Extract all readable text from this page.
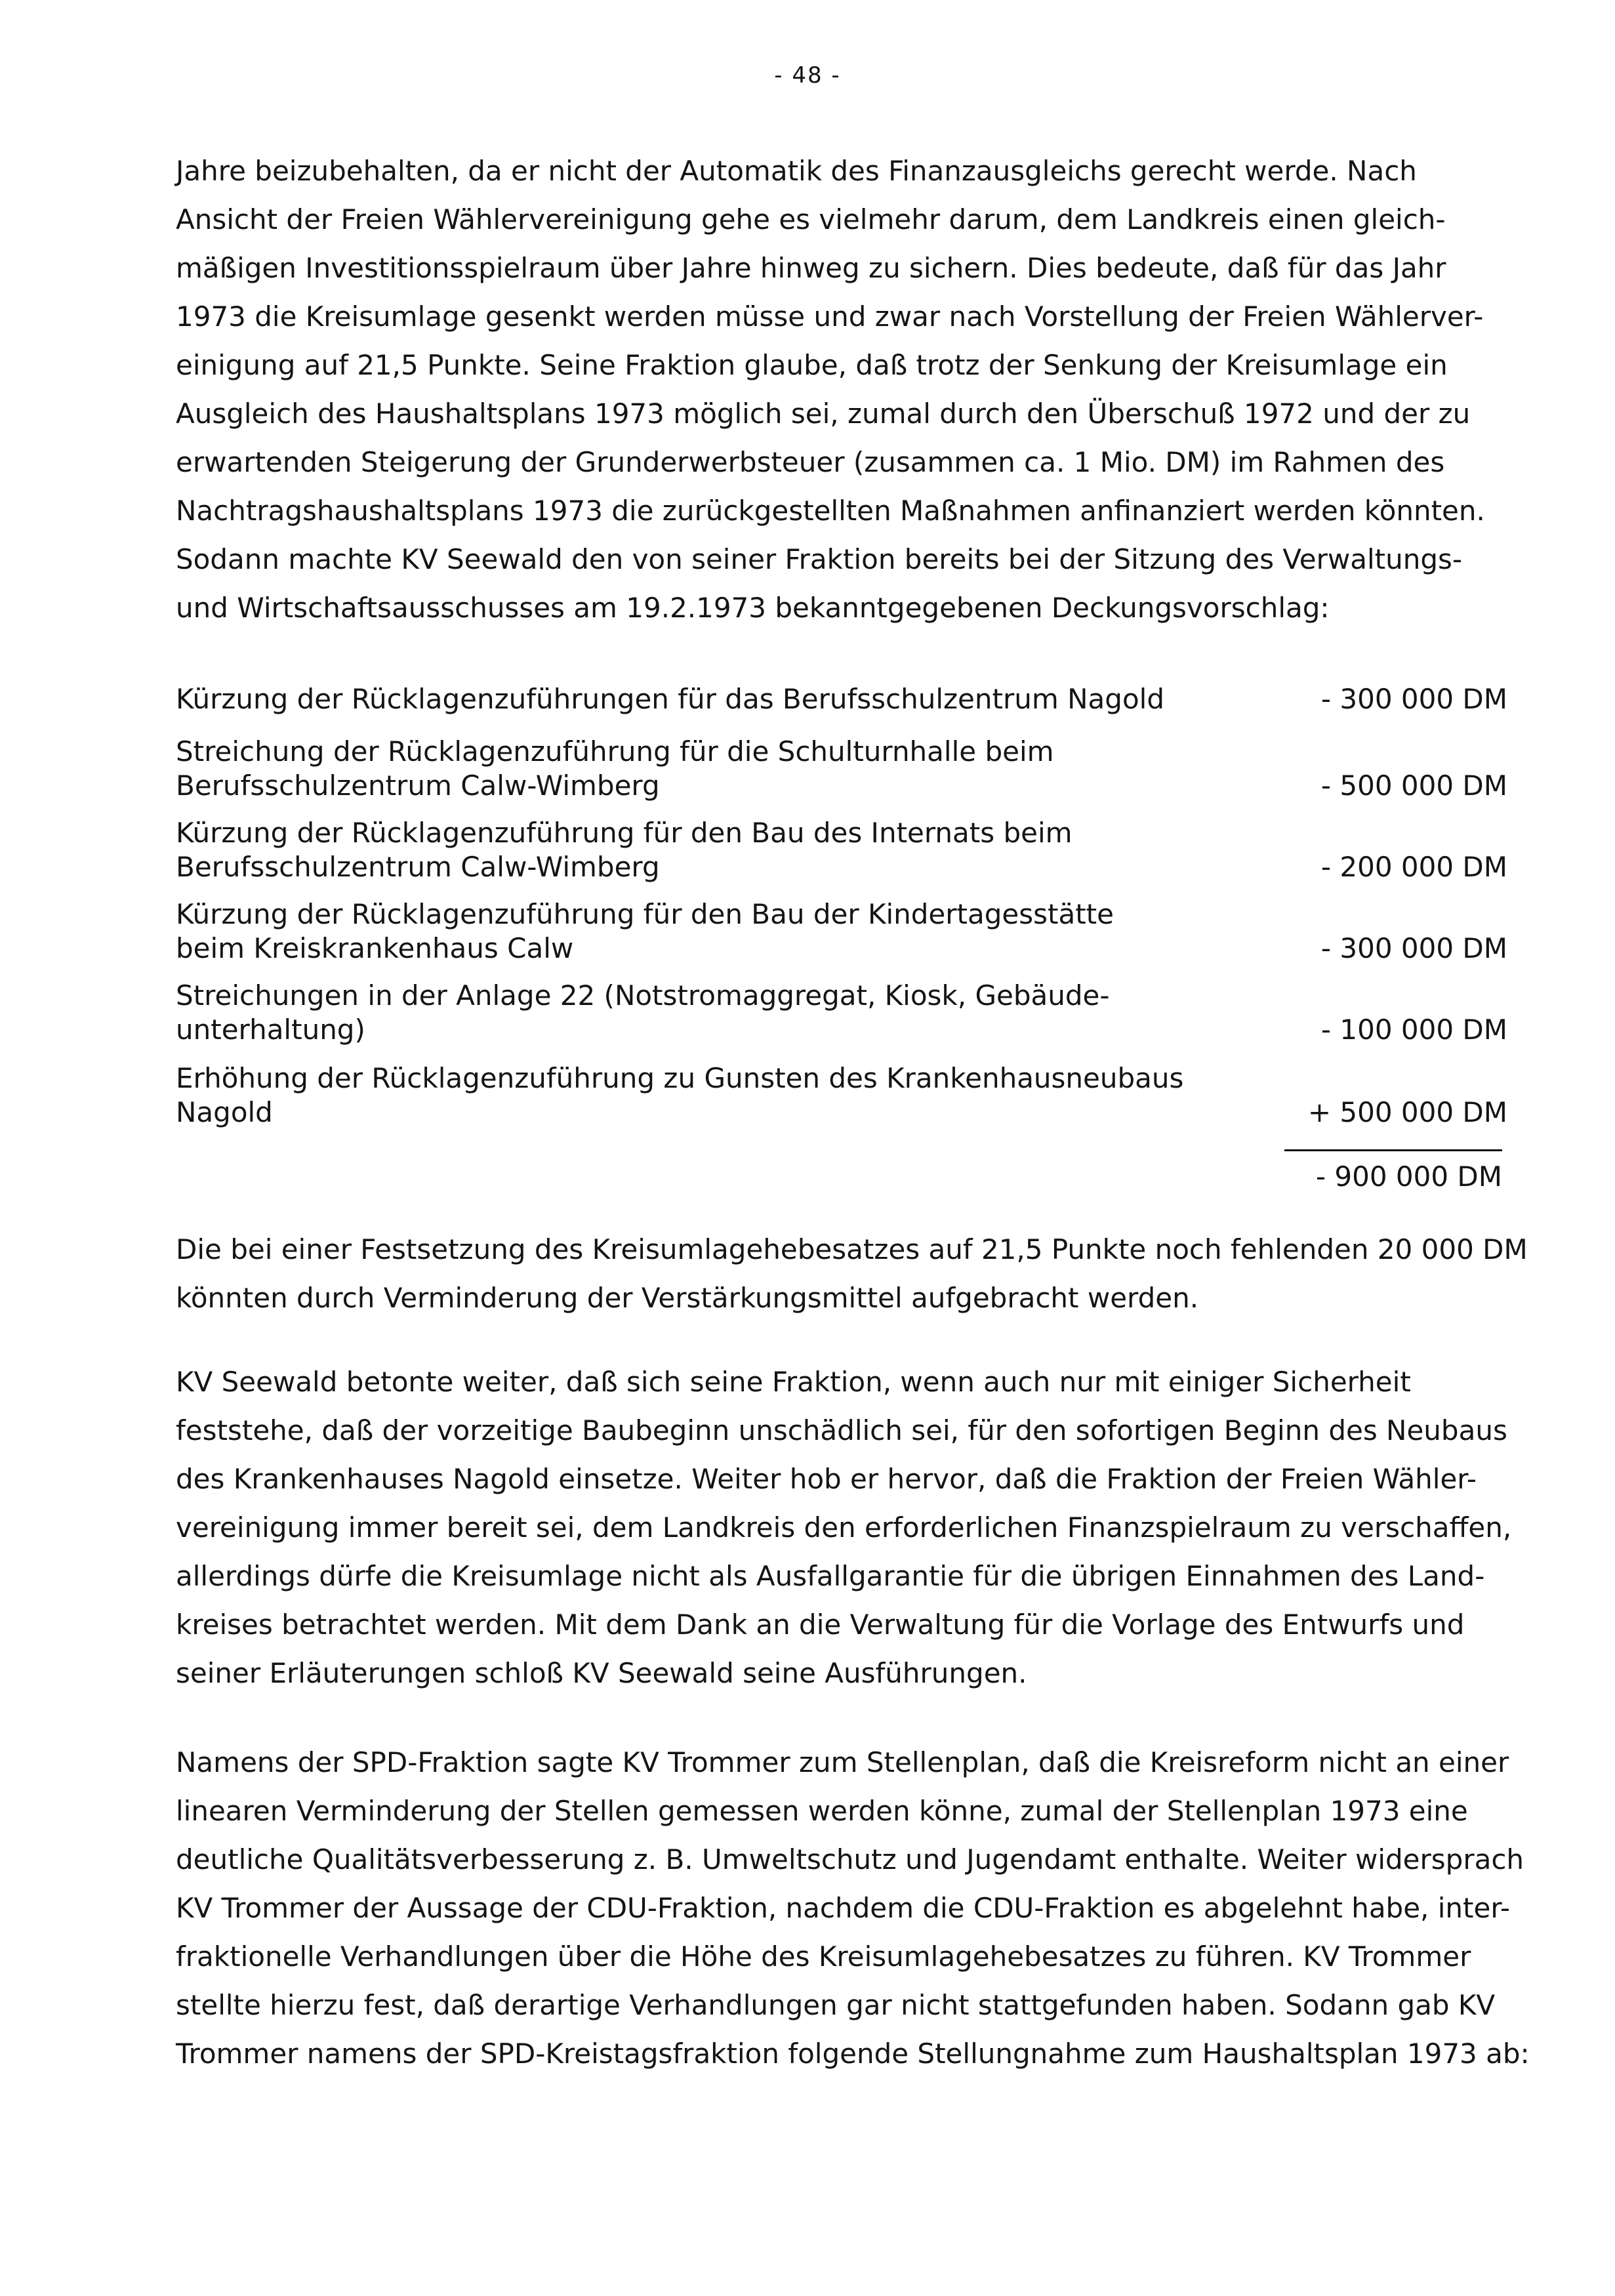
- 48 -
Jahre beizubehalten, da er nicht der Automatik des Finanzausgleichs gerecht werde. Nach
Ansicht der Freien Wählervereinigung gehe es vielmehr darum, dem Landkreis einen gleich-
mäßigen Investitionsspielraum über Jahre hinweg zu sichern. Dies bedeute, daß für das Jahr
1973 die Kreisumlage gesenkt werden müsse und zwar nach Vorstellung der Freien Wählerver-
einigung auf 21,5 Punkte. Seine Fraktion glaube, daß trotz der Senkung der Kreisumlage ein
Ausgleich des Haushaltsplans 1973 möglich sei, zumal durch den Überschuß 1972 und der zu
erwartenden Steigerung der Grunderwerbsteuer (zusammen ca. 1 Mio. DM) im Rahmen des
Nachtragshaushaltsplans 1973 die zurückgestellten Maßnahmen anfinanziert werden könnten.
Sodann machte KV Seewald den von seiner Fraktion bereits bei der Sitzung des Verwaltungs-
und Wirtschaftsausschusses am 19.2.1973 bekanntgegebenen Deckungsvorschlag:
Kürzung der Rücklagenzuführungen für das Berufsschulzentrum Nagold	- 300 000 DM
Streichung der Rücklagenzuführung für die Schulturnhalle beim
Berufsschulzentrum Calw-Wimberg	- 500 000 DM
Kürzung der Rücklagenzuführung für den Bau des Internats beim
Berufsschulzentrum Calw-Wimberg	- 200 000 DM
Kürzung der Rücklagenzuführung für den Bau der Kindertagesstätte
beim Kreiskrankenhaus Calw	- 300 000 DM
Streichungen in der Anlage 22 (Notstromaggregat, Kiosk, Gebäude-
unterhaltung)	- 100 000 DM
Erhöhung der Rücklagenzuführung zu Gunsten des Krankenhausneubaus
Nagold	+ 500 000 DM
- 900 000 DM
Die bei einer Festsetzung des Kreisumlagehebesatzes auf 21,5 Punkte noch fehlenden 20 000 DM
könnten durch Verminderung der Verstärkungsmittel aufgebracht werden.
KV Seewald betonte weiter, daß sich seine Fraktion, wenn auch nur mit einiger Sicherheit
feststehe, daß der vorzeitige Baubeginn unschädlich sei, für den sofortigen Beginn des Neubaus
des Krankenhauses Nagold einsetze. Weiter hob er hervor, daß die Fraktion der Freien Wähler-
vereinigung immer bereit sei, dem Landkreis den erforderlichen Finanzspielraum zu verschaffen,
allerdings dürfe die Kreisumlage nicht als Ausfallgarantie für die übrigen Einnahmen des Land-
kreises betrachtet werden. Mit dem Dank an die Verwaltung für die Vorlage des Entwurfs und
seiner Erläuterungen schloß KV Seewald seine Ausführungen.
Namens der SPD-Fraktion sagte KV Trommer zum Stellenplan, daß die Kreisreform nicht an einer
linearen Verminderung der Stellen gemessen werden könne, zumal der Stellenplan 1973 eine
deutliche Qualitätsverbesserung z. B. Umweltschutz und Jugendamt enthalte. Weiter widersprach
KV Trommer der Aussage der CDU-Fraktion, nachdem die CDU-Fraktion es abgelehnt habe, inter-
fraktionelle Verhandlungen über die Höhe des Kreisumlagehebesatzes zu führen. KV Trommer
stellte hierzu fest, daß derartige Verhandlungen gar nicht stattgefunden haben. Sodann gab KV
Trommer namens der SPD-Kreistagsfraktion folgende Stellungnahme zum Haushaltsplan 1973 ab:
